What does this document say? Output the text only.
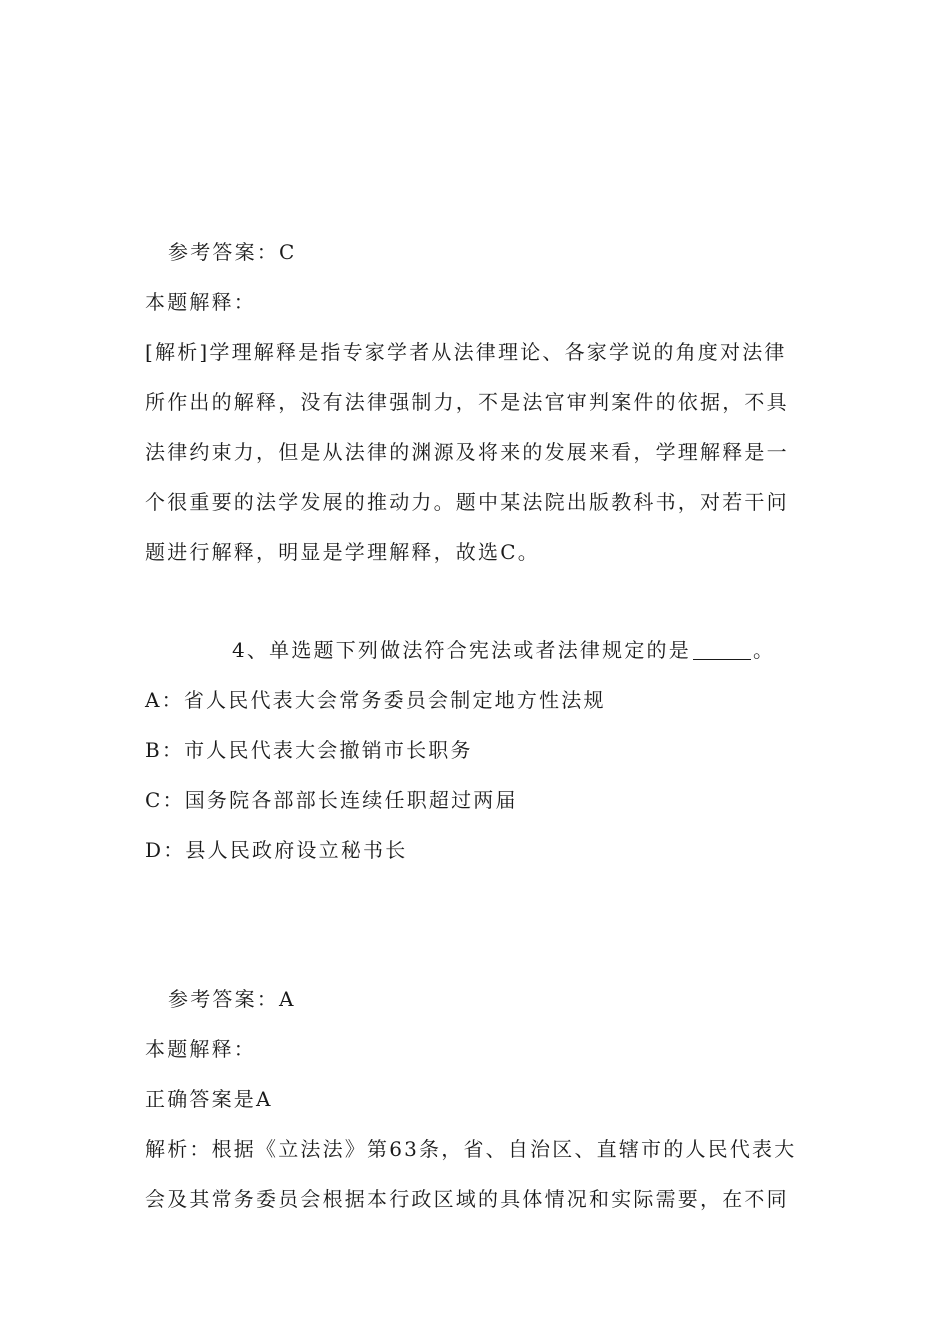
参考答案：C
本题解释：
[解析]学理解释是指专家学者从法律理论、各家学说的角度对法律
所作出的解释，没有法律强制力，不是法官审判案件的依据，不具
法律约束力，但是从法律的渊源及将来的发展来看，学理解释是一
个很重要的法学发展的推动力。题中某法院出版教科书，对若干问
题进行解释，明显是学理解释，故选C。
4、单选题下列做法符合宪法或者法律规定的是	。
A：省人民代表大会常务委员会制定地方性法规
B：市人民代表大会撤销市长职务
C：国务院各部部长连续任职超过两届
D：县人民政府设立秘书长
参考答案：A
本题解释：
正确答案是A
解析：根据《立法法》第63条，省、自治区、直辖市的人民代表大
会及其常务委员会根据本行政区域的具体情况和实际需要，在不同
